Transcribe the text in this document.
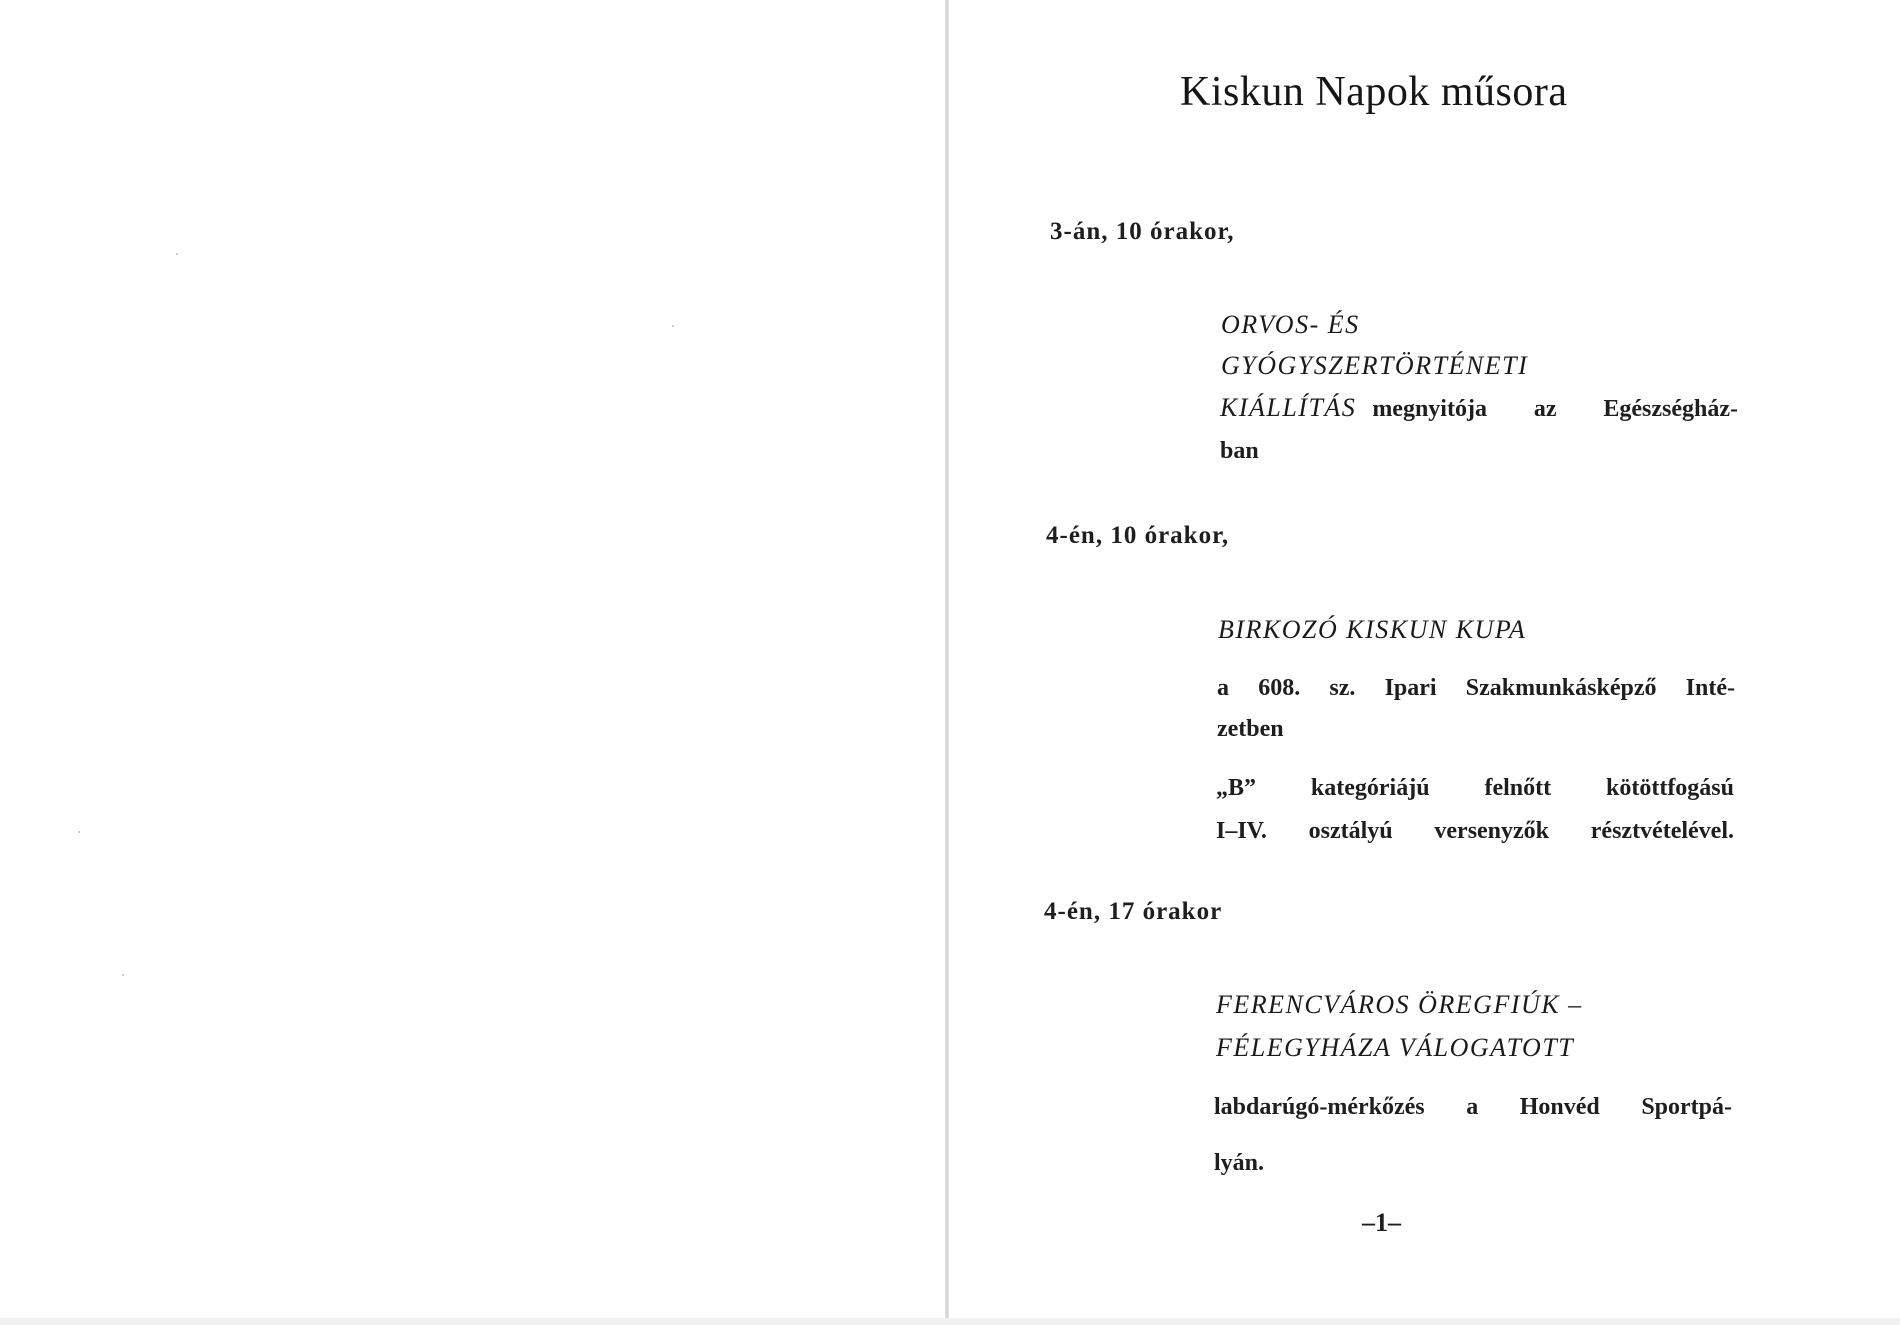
Kiskun Napok műsora
3-án, 10 órakor,
ORVOS- ÉS
GYÓGYSZERTÖRTÉNETI
KIÁLLÍTÁS megnyitója az Egészségház-
ban
4-én, 10 órakor,
BIRKOZÓ KISKUN KUPA
a 608. sz. Ipari Szakmunkásképző Inté-
zetben
„B” kategóriájú felnőtt kötöttfogású
I–IV. osztályú versenyzők résztvételével.
4-én, 17 órakor
FERENCVÁROS ÖREGFIÚK –
FÉLEGYHÁZA VÁLOGATOTT
labdarúgó-mérkőzés a Honvéd Sportpá-
lyán.
–1–
